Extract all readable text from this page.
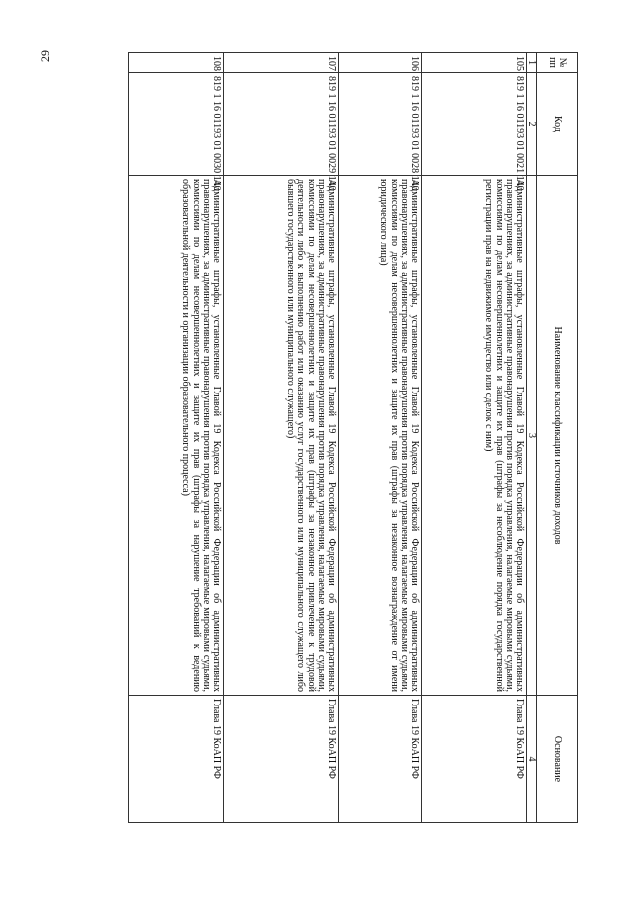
29
№ пп	Код	Наименование классификации источников доходов	Основание
1	2	3	4
105	819 1 16 01193 01 0021 140	Административные штрафы, установленные Главой 19 Кодекса Российской Федерации об административных правонарушениях, за административные правонарушения против порядка управления, налагаемые мировыми судьями, комиссиями по делам несовершеннолетних и защите их прав (штрафы за несоблюдение порядка государственной регистрации прав на недвижимое имущество или сделок с ним)	Глава 19 КоАП РФ
106	819 1 16 01193 01 0028 140	Административные штрафы, установленные Главой 19 Кодекса Российской Федерации об административных правонарушениях, за административные правонарушения против порядка управления, налагаемые мировыми судьями, комиссиями по делам несовершеннолетних и защите их прав (штрафы за незаконное вознаграждение от имени юридического лица)	Глава 19 КоАП РФ
107	819 1 16 01193 01 0029 140	Административные штрафы, установленные Главой 19 Кодекса Российской Федерации об административных правонарушениях, за административные правонарушения против порядка управления, налагаемые мировыми судьями, комиссиями по делам несовершеннолетних и защите их прав (штрафы за незаконное привлечение к трудовой деятельности либо к выполнению работ или оказанию услуг государственного или муниципального служащего либо бывшего государственного или муниципального служащего)	Глава 19 КоАП РФ
108	819 1 16 01193 01 0030 140	Административные штрафы, установленные Главой 19 Кодекса Российской Федерации об административных правонарушениях, за административные правонарушения против порядка управления, налагаемые мировыми судьями, комиссиями по делам несовершеннолетних и защите их прав (штрафы за нарушение требований к ведению образовательной деятельности и организации образовательного процесса)	Глава 19 КоАП РФ
